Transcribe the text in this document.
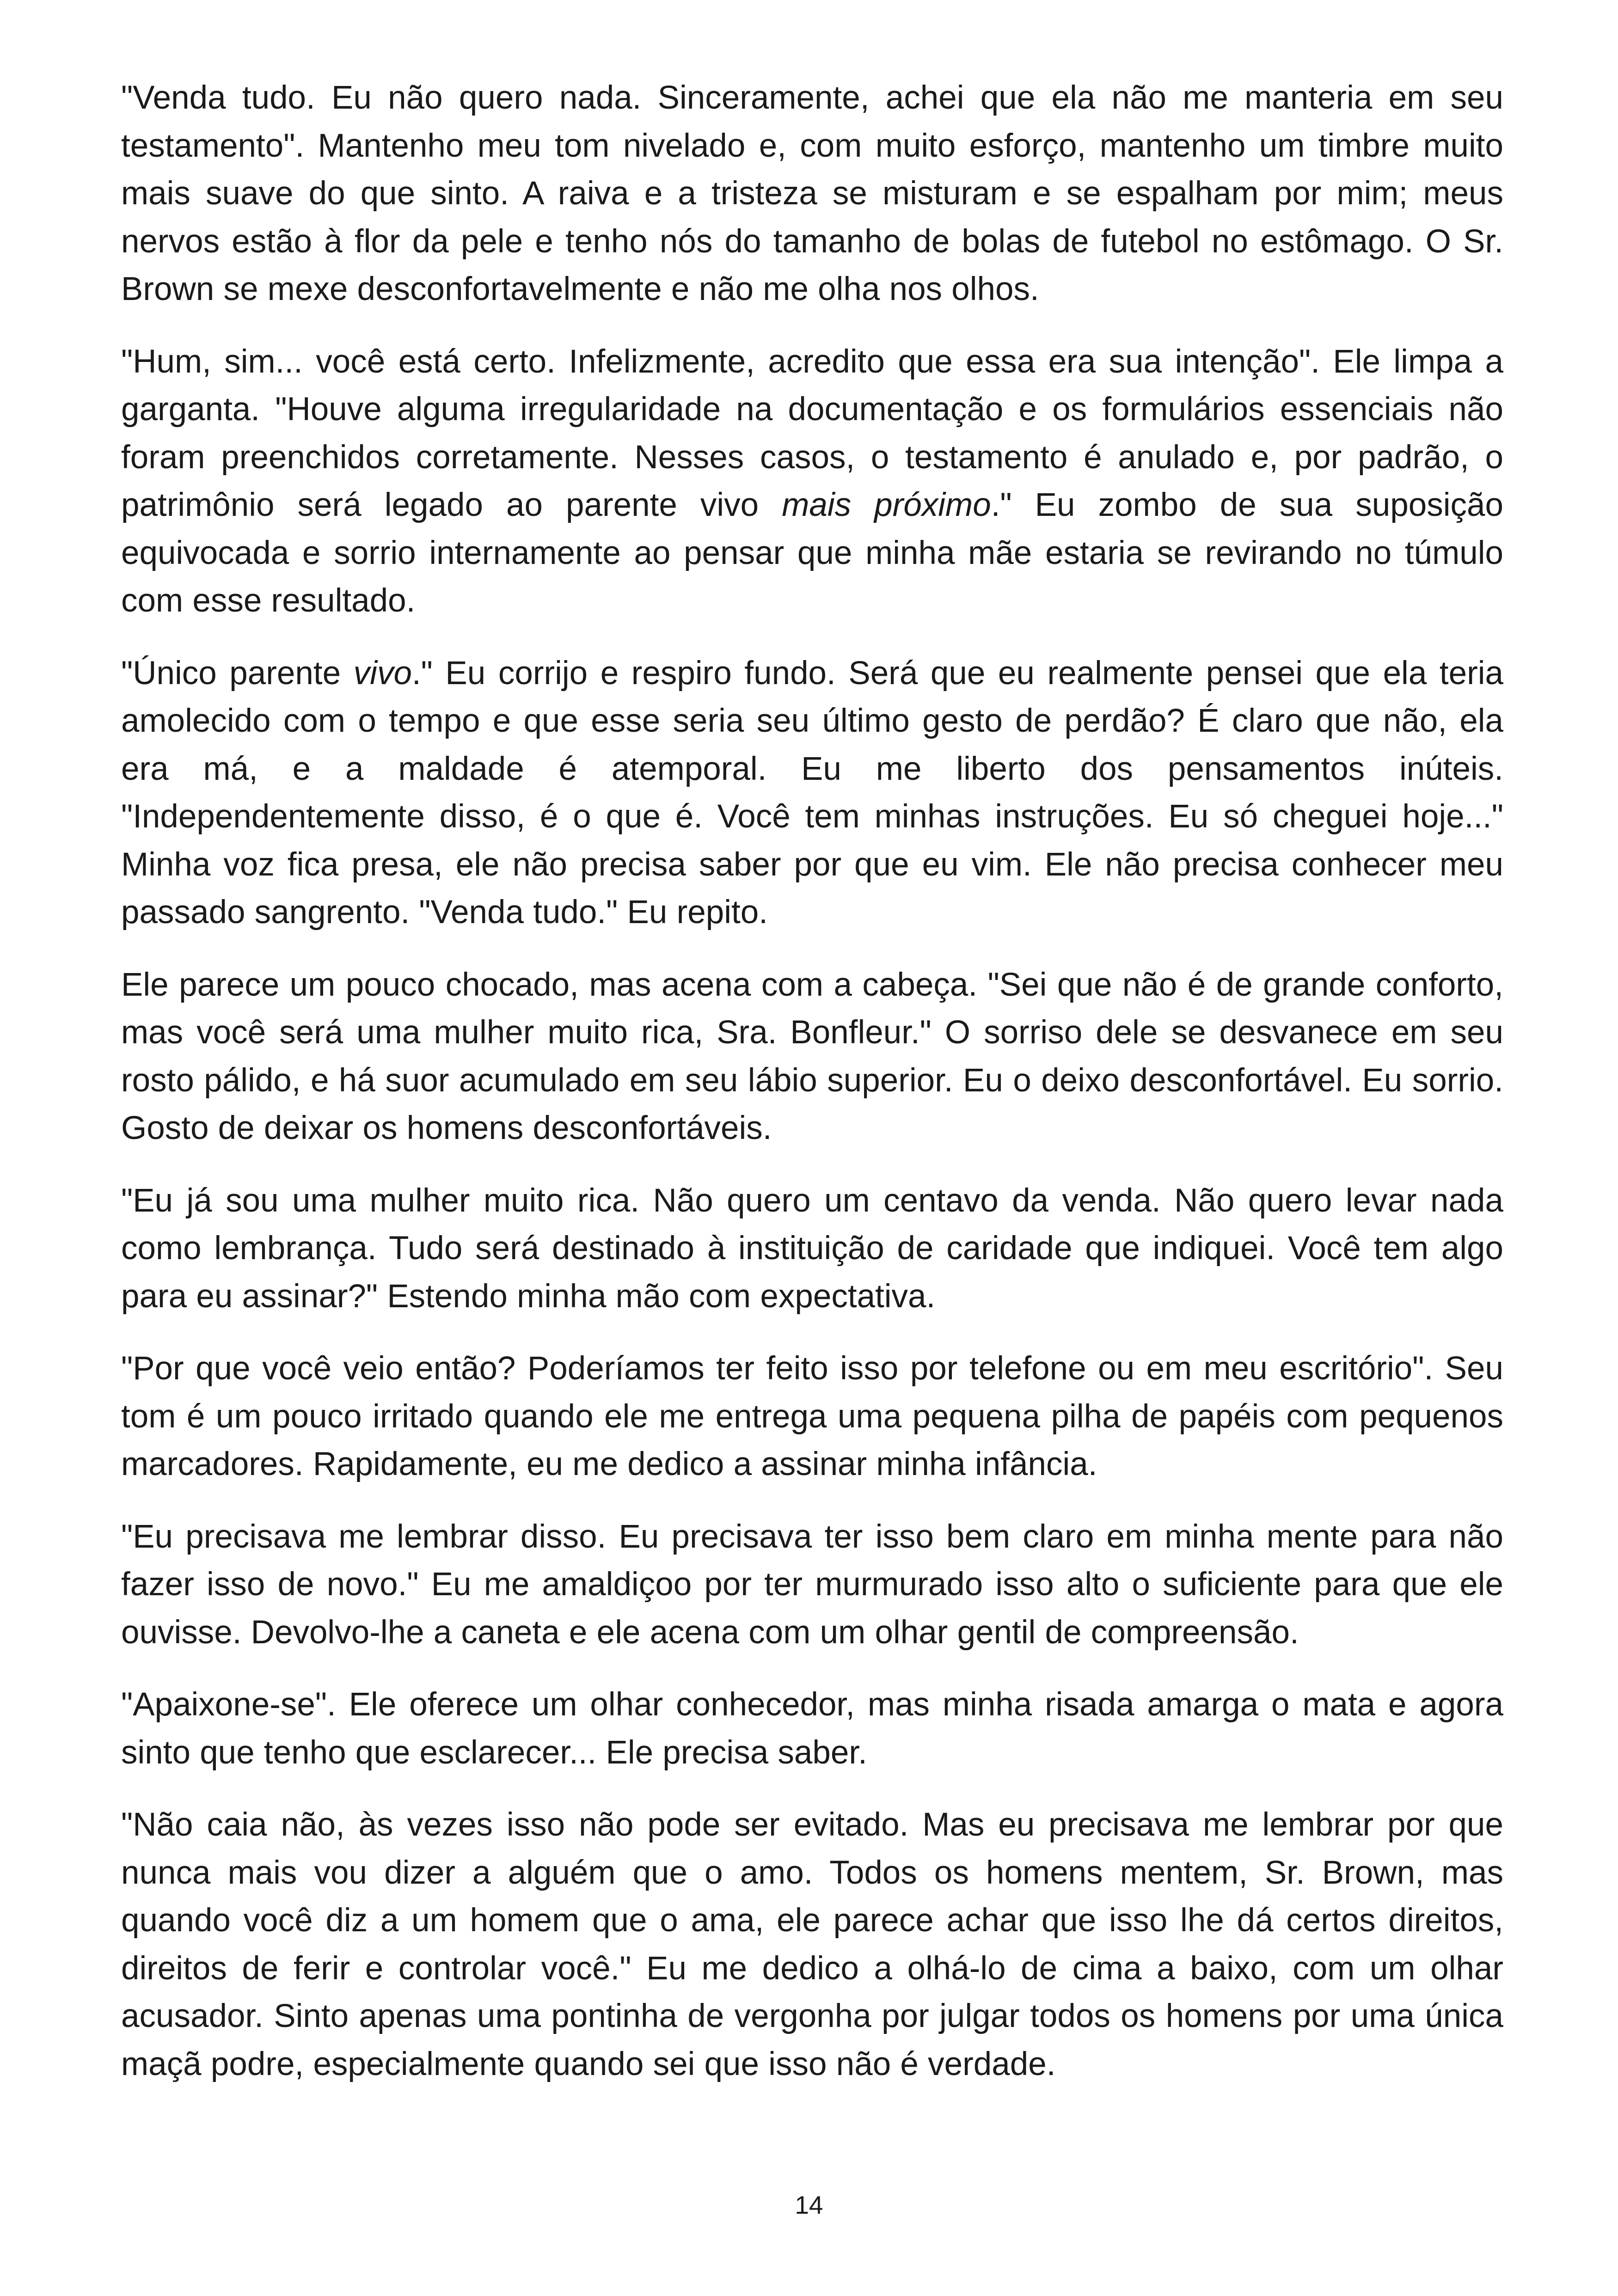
"Venda tudo. Eu não quero nada. Sinceramente, achei que ela não me manteria em seu testamento". Mantenho meu tom nivelado e, com muito esforço, mantenho um timbre muito mais suave do que sinto. A raiva e a tristeza se misturam e se espalham por mim; meus nervos estão à flor da pele e tenho nós do tamanho de bolas de futebol no estômago. O Sr. Brown se mexe desconfortavelmente e não me olha nos olhos.

"Hum, sim... você está certo. Infelizmente, acredito que essa era sua intenção". Ele limpa a garganta. "Houve alguma irregularidade na documentação e os formulários essenciais não foram preenchidos corretamente. Nesses casos, o testamento é anulado e, por padrão, o patrimônio será legado ao parente vivo mais próximo." Eu zombo de sua suposição equivocada e sorrio internamente ao pensar que minha mãe estaria se revirando no túmulo com esse resultado.

"Único parente vivo." Eu corrijo e respiro fundo. Será que eu realmente pensei que ela teria amolecido com o tempo e que esse seria seu último gesto de perdão? É claro que não, ela era má, e a maldade é atemporal. Eu me liberto dos pensamentos inúteis. "Independentemente disso, é o que é. Você tem minhas instruções. Eu só cheguei hoje..." Minha voz fica presa, ele não precisa saber por que eu vim. Ele não precisa conhecer meu passado sangrento. "Venda tudo." Eu repito.

Ele parece um pouco chocado, mas acena com a cabeça. "Sei que não é de grande conforto, mas você será uma mulher muito rica, Sra. Bonfleur." O sorriso dele se desvanece em seu rosto pálido, e há suor acumulado em seu lábio superior. Eu o deixo desconfortável. Eu sorrio. Gosto de deixar os homens desconfortáveis.

"Eu já sou uma mulher muito rica. Não quero um centavo da venda. Não quero levar nada como lembrança. Tudo será destinado à instituição de caridade que indiquei. Você tem algo para eu assinar?" Estendo minha mão com expectativa.

"Por que você veio então? Poderíamos ter feito isso por telefone ou em meu escritório". Seu tom é um pouco irritado quando ele me entrega uma pequena pilha de papéis com pequenos marcadores. Rapidamente, eu me dedico a assinar minha infância.

"Eu precisava me lembrar disso. Eu precisava ter isso bem claro em minha mente para não fazer isso de novo." Eu me amaldiçoo por ter murmurado isso alto o suficiente para que ele ouvisse. Devolvo-lhe a caneta e ele acena com um olhar gentil de compreensão.

"Apaixone-se". Ele oferece um olhar conhecedor, mas minha risada amarga o mata e agora sinto que tenho que esclarecer... Ele precisa saber.

"Não caia não, às vezes isso não pode ser evitado. Mas eu precisava me lembrar por que nunca mais vou dizer a alguém que o amo. Todos os homens mentem, Sr. Brown, mas quando você diz a um homem que o ama, ele parece achar que isso lhe dá certos direitos, direitos de ferir e controlar você." Eu me dedico a olhá-lo de cima a baixo, com um olhar acusador. Sinto apenas uma pontinha de vergonha por julgar todos os homens por uma única maçã podre, especialmente quando sei que isso não é verdade.

14
